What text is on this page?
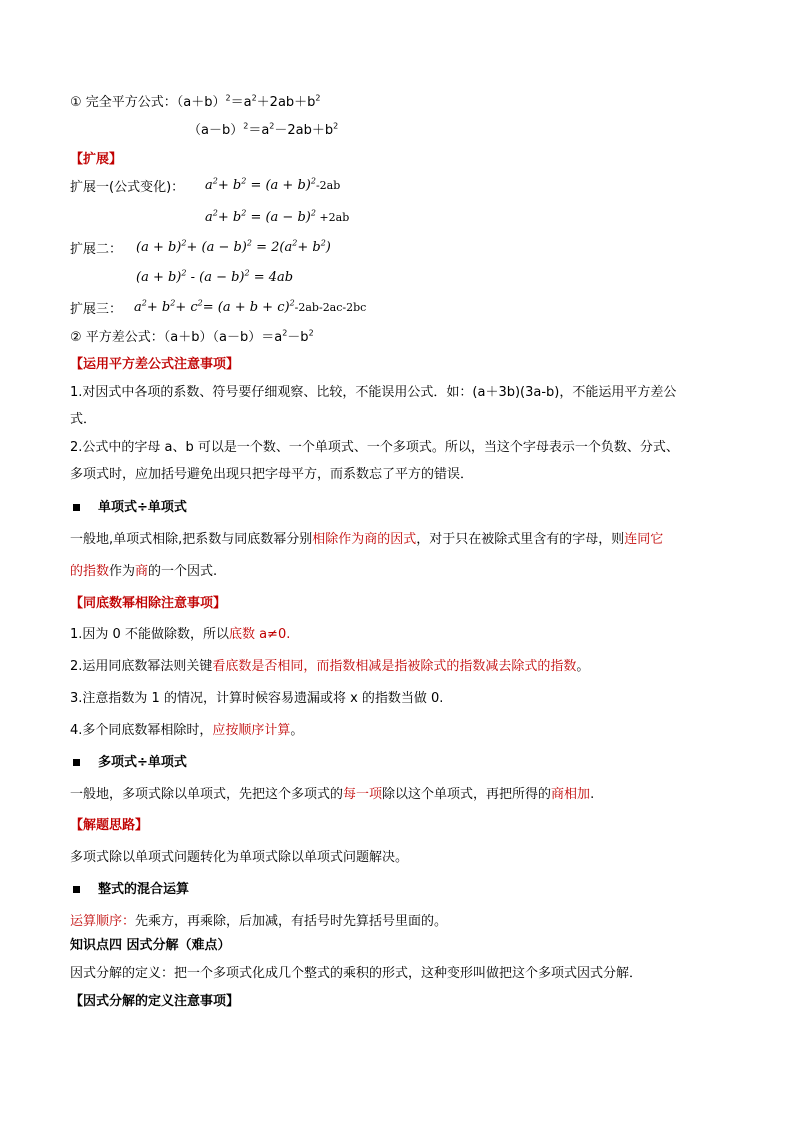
① 完全平方公式：$(a+b)^2=a^2+2ab+b^2$
$(a-b)^2=a^2-2ab+b^2$
【扩展】
扩展一(公式变化)： $a^2+ b^2 = (a + b)^2-2ab$
$a^2+ b^2 = (a - b)^2 +2ab$
扩展二： $(a + b)^2+ (a - b)^2 = 2(a^2+ b^2)$
$(a + b)^2 - (a - b)^2 = 4ab$
扩展三： $a^2+ b^2+ c^2= (a + b + c)^2-2ab-2ac-2bc$
② 平方差公式：$(a+b)(a-b)=a^2-b^2$
【运用平方差公式注意事项】
1.对因式中各项的系数、符号要仔细观察、比较，不能误用公式．如：(a＋3b)(3a-b)，不能运用平方差公
式．
2.公式中的字母 a、b 可以是一个数、一个单项式、一个多项式。所以，当这个字母表示一个负数、分式、
多项式时，应加括号避免出现只把字母平方，而系数忘了平方的错误．
单项式÷单项式
一般地,单项式相除,把系数与同底数幂分别相除作为商的因式，对于只在被除式里含有的字母，则连同它
的指数作为商的一个因式.
【同底数幂相除注意事项】
1.因为 0 不能做除数，所以底数 a≠0.
2.运用同底数幂法则关键看底数是否相同，而指数相减是指被除式的指数减去除式的指数。
3.注意指数为 1 的情况，计算时候容易遗漏或将 x 的指数当做 0.
4.多个同底数幂相除时，应按顺序计算。
多项式÷单项式
一般地，多项式除以单项式，先把这个多项式的每一项除以这个单项式，再把所得的商相加.
【解题思路】
多项式除以单项式问题转化为单项式除以单项式问题解决。
整式的混合运算
运算顺序：先乘方，再乘除，后加减，有括号时先算括号里面的。
知识点四 因式分解（难点）
因式分解的定义：把一个多项式化成几个整式的乘积的形式，这种变形叫做把这个多项式因式分解．
【因式分解的定义注意事项】
